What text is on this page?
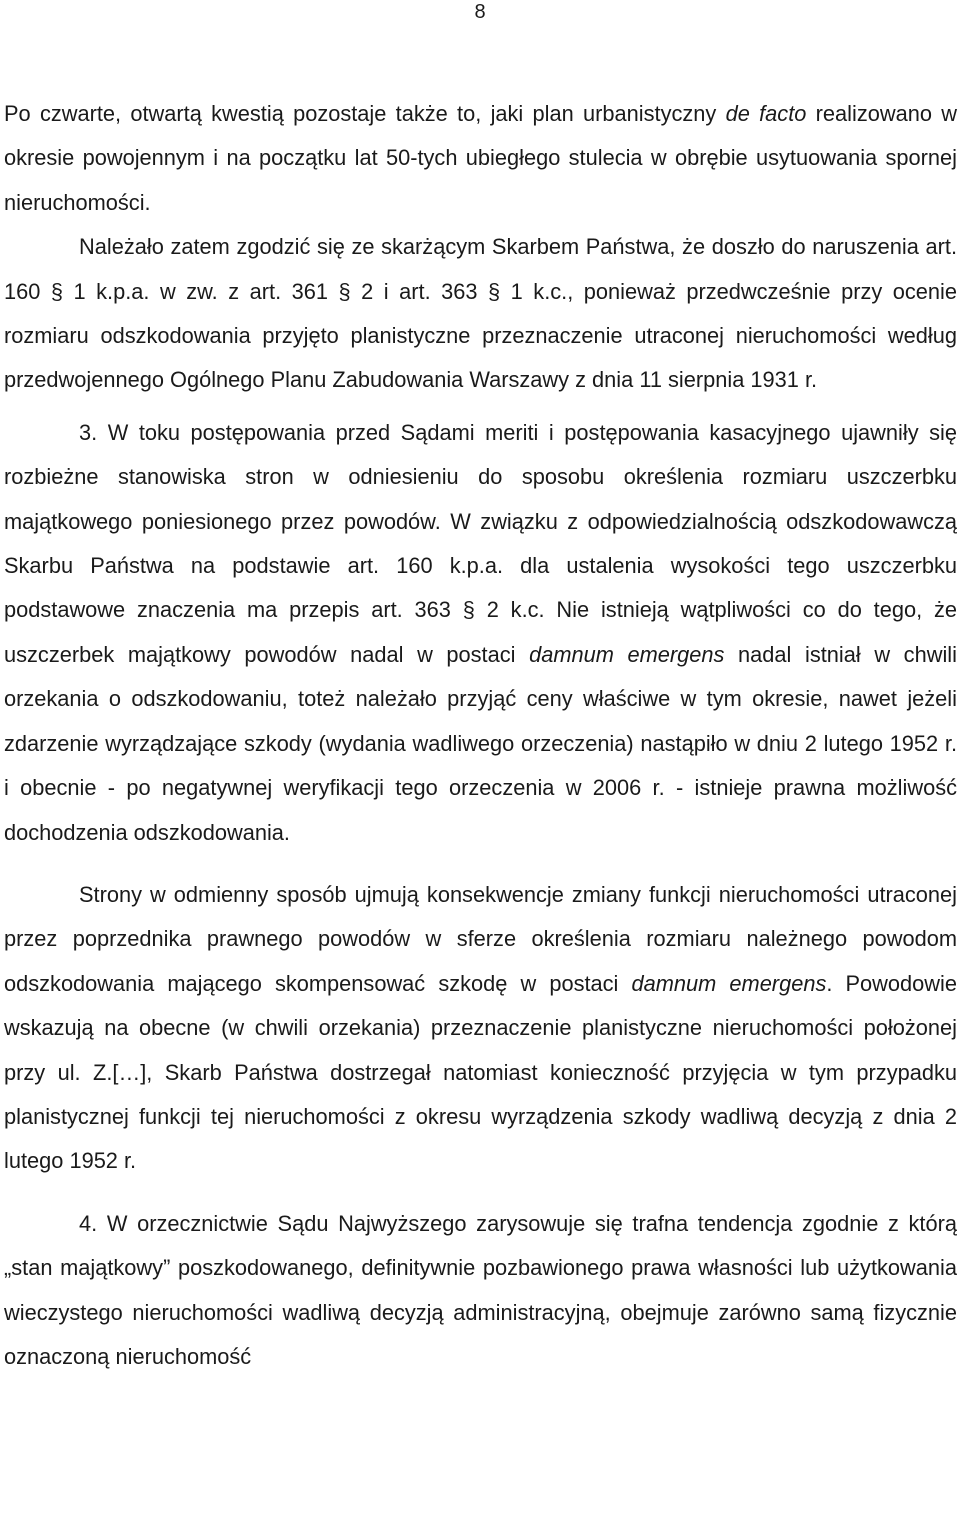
8

Po czwarte, otwartą kwestią pozostaje także to, jaki plan urbanistyczny de facto realizowano w okresie powojennym i na początku lat 50-tych ubiegłego stulecia w obrębie usytuowania spornej nieruchomości.

Należało zatem zgodzić się ze skarżącym Skarbem Państwa, że doszło do naruszenia art. 160 § 1 k.p.a. w zw. z art. 361 § 2 i art. 363 § 1 k.c., ponieważ przedwcześnie przy ocenie rozmiaru odszkodowania przyjęto planistyczne przeznaczenie utraconej nieruchomości według przedwojennego Ogólnego Planu Zabudowania Warszawy z dnia 11 sierpnia 1931 r.

3. W toku postępowania przed Sądami meriti i postępowania kasacyjnego ujawniły się rozbieżne stanowiska stron w odniesieniu do sposobu określenia rozmiaru uszczerbku majątkowego poniesionego przez powodów. W związku z odpowiedzialnością odszkodowawczą Skarbu Państwa na podstawie art. 160 k.p.a. dla ustalenia wysokości tego uszczerbku podstawowe znaczenia ma przepis art. 363 § 2 k.c. Nie istnieją wątpliwości co do tego, że uszczerbek majątkowy powodów nadal w postaci damnum emergens nadal istniał w chwili orzekania o odszkodowaniu, toteż należało przyjąć ceny właściwe w tym okresie, nawet jeżeli zdarzenie wyrządzające szkody (wydania wadliwego orzeczenia) nastąpiło w dniu 2 lutego 1952 r. i obecnie - po negatywnej weryfikacji tego orzeczenia w 2006 r. - istnieje prawna możliwość dochodzenia odszkodowania.

Strony w odmienny sposób ujmują konsekwencje zmiany funkcji nieruchomości utraconej przez poprzednika prawnego powodów w sferze określenia rozmiaru należnego powodom odszkodowania mającego skompensować szkodę w postaci damnum emergens. Powodowie wskazują na obecne (w chwili orzekania) przeznaczenie planistyczne nieruchomości położonej przy ul. Z.[…], Skarb Państwa dostrzegał natomiast konieczność przyjęcia w tym przypadku planistycznej funkcji tej nieruchomości z okresu wyrządzenia szkody wadliwą decyzją z dnia 2 lutego 1952 r.

4. W orzecznictwie Sądu Najwyższego zarysowuje się trafna tendencja zgodnie z którą „stan majątkowy” poszkodowanego, definitywnie pozbawionego prawa własności lub użytkowania wieczystego nieruchomości wadliwą decyzją administracyjną, obejmuje zarówno samą fizycznie oznaczoną nieruchomość
